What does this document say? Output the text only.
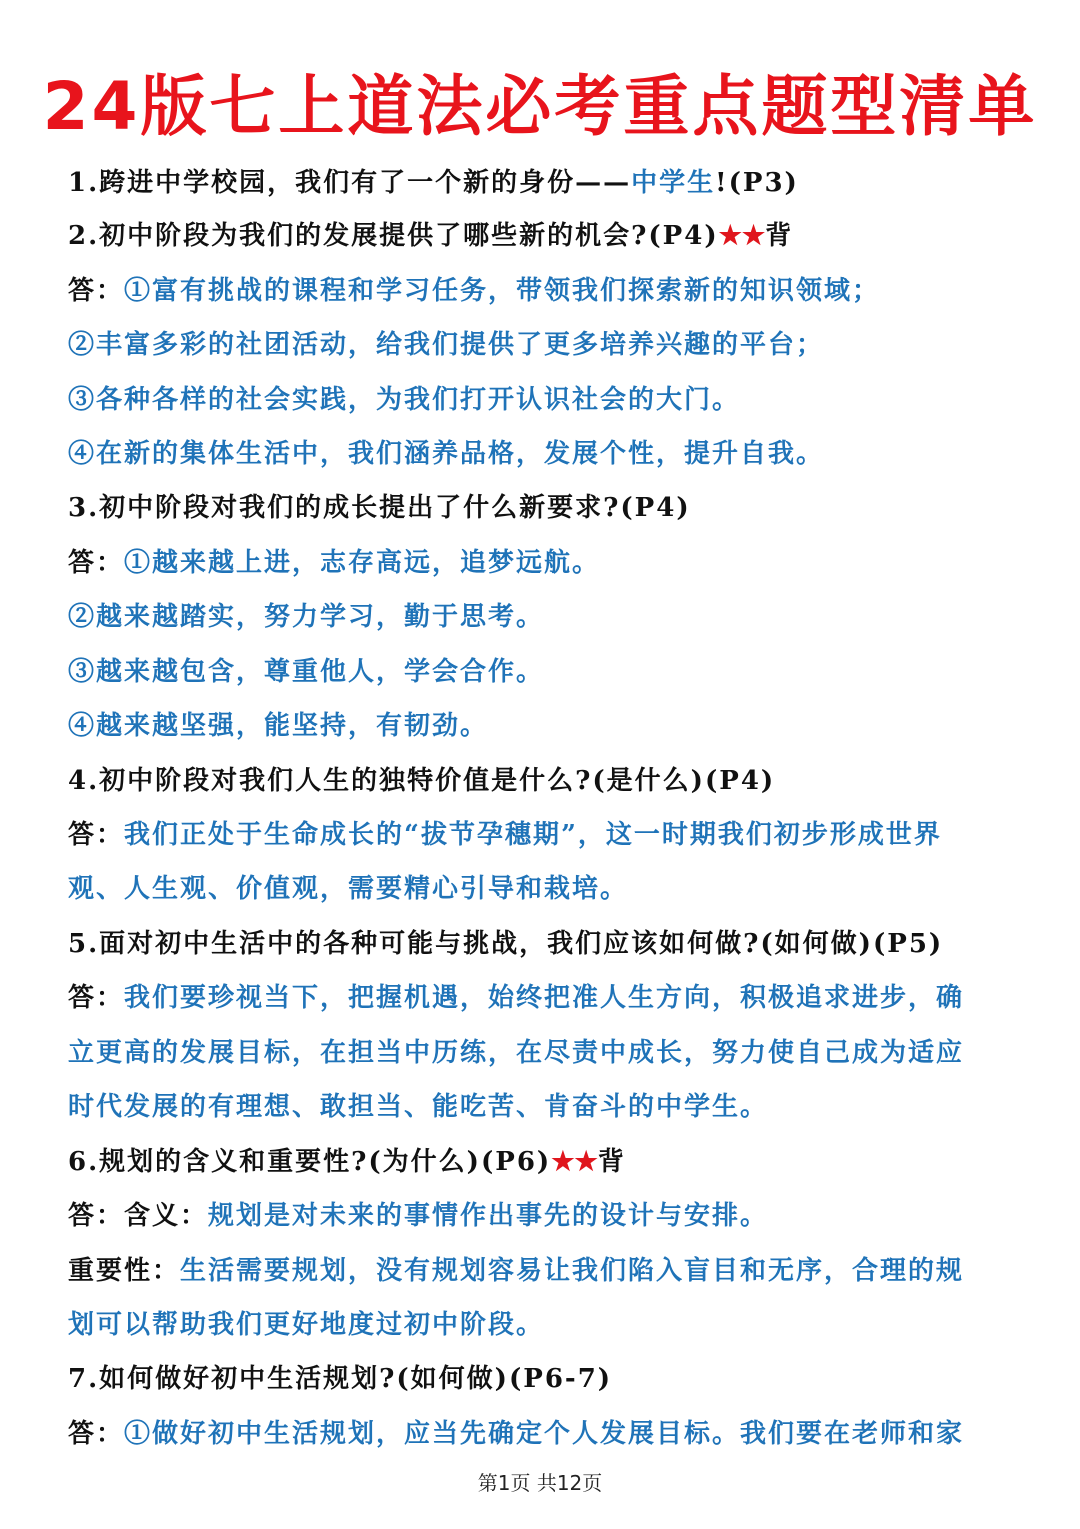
24版七上道法必考重点题型清单
1.跨进中学校园，我们有了一个新的身份——中学生!(P3)
2.初中阶段为我们的发展提供了哪些新的机会?(P4)★★背
答：①富有挑战的课程和学习任务，带领我们探索新的知识领域；
②丰富多彩的社团活动，给我们提供了更多培养兴趣的平台；
③各种各样的社会实践，为我们打开认识社会的大门。
④在新的集体生活中，我们涵养品格，发展个性，提升自我。
3.初中阶段对我们的成长提出了什么新要求?(P4)
答：①越来越上进，志存高远，追梦远航。
②越来越踏实，努力学习，勤于思考。
③越来越包含，尊重他人，学会合作。
④越来越坚强，能坚持，有韧劲。
4.初中阶段对我们人生的独特价值是什么?(是什么)(P4)
答：我们正处于生命成长的“拔节孕穗期”，这一时期我们初步形成世界
观、人生观、价值观，需要精心引导和栽培。
5.面对初中生活中的各种可能与挑战，我们应该如何做?(如何做)(P5)
答：我们要珍视当下，把握机遇，始终把准人生方向，积极追求进步，确
立更高的发展目标，在担当中历练，在尽责中成长，努力使自己成为适应
时代发展的有理想、敢担当、能吃苦、肯奋斗的中学生。
6.规划的含义和重要性?(为什么)(P6)★★背
答：含义：规划是对未来的事情作出事先的设计与安排。
重要性：生活需要规划，没有规划容易让我们陷入盲目和无序，合理的规
划可以帮助我们更好地度过初中阶段。
7.如何做好初中生活规划?(如何做)(P6-7)
答：①做好初中生活规划，应当先确定个人发展目标。我们要在老师和家
第1页 共12页
